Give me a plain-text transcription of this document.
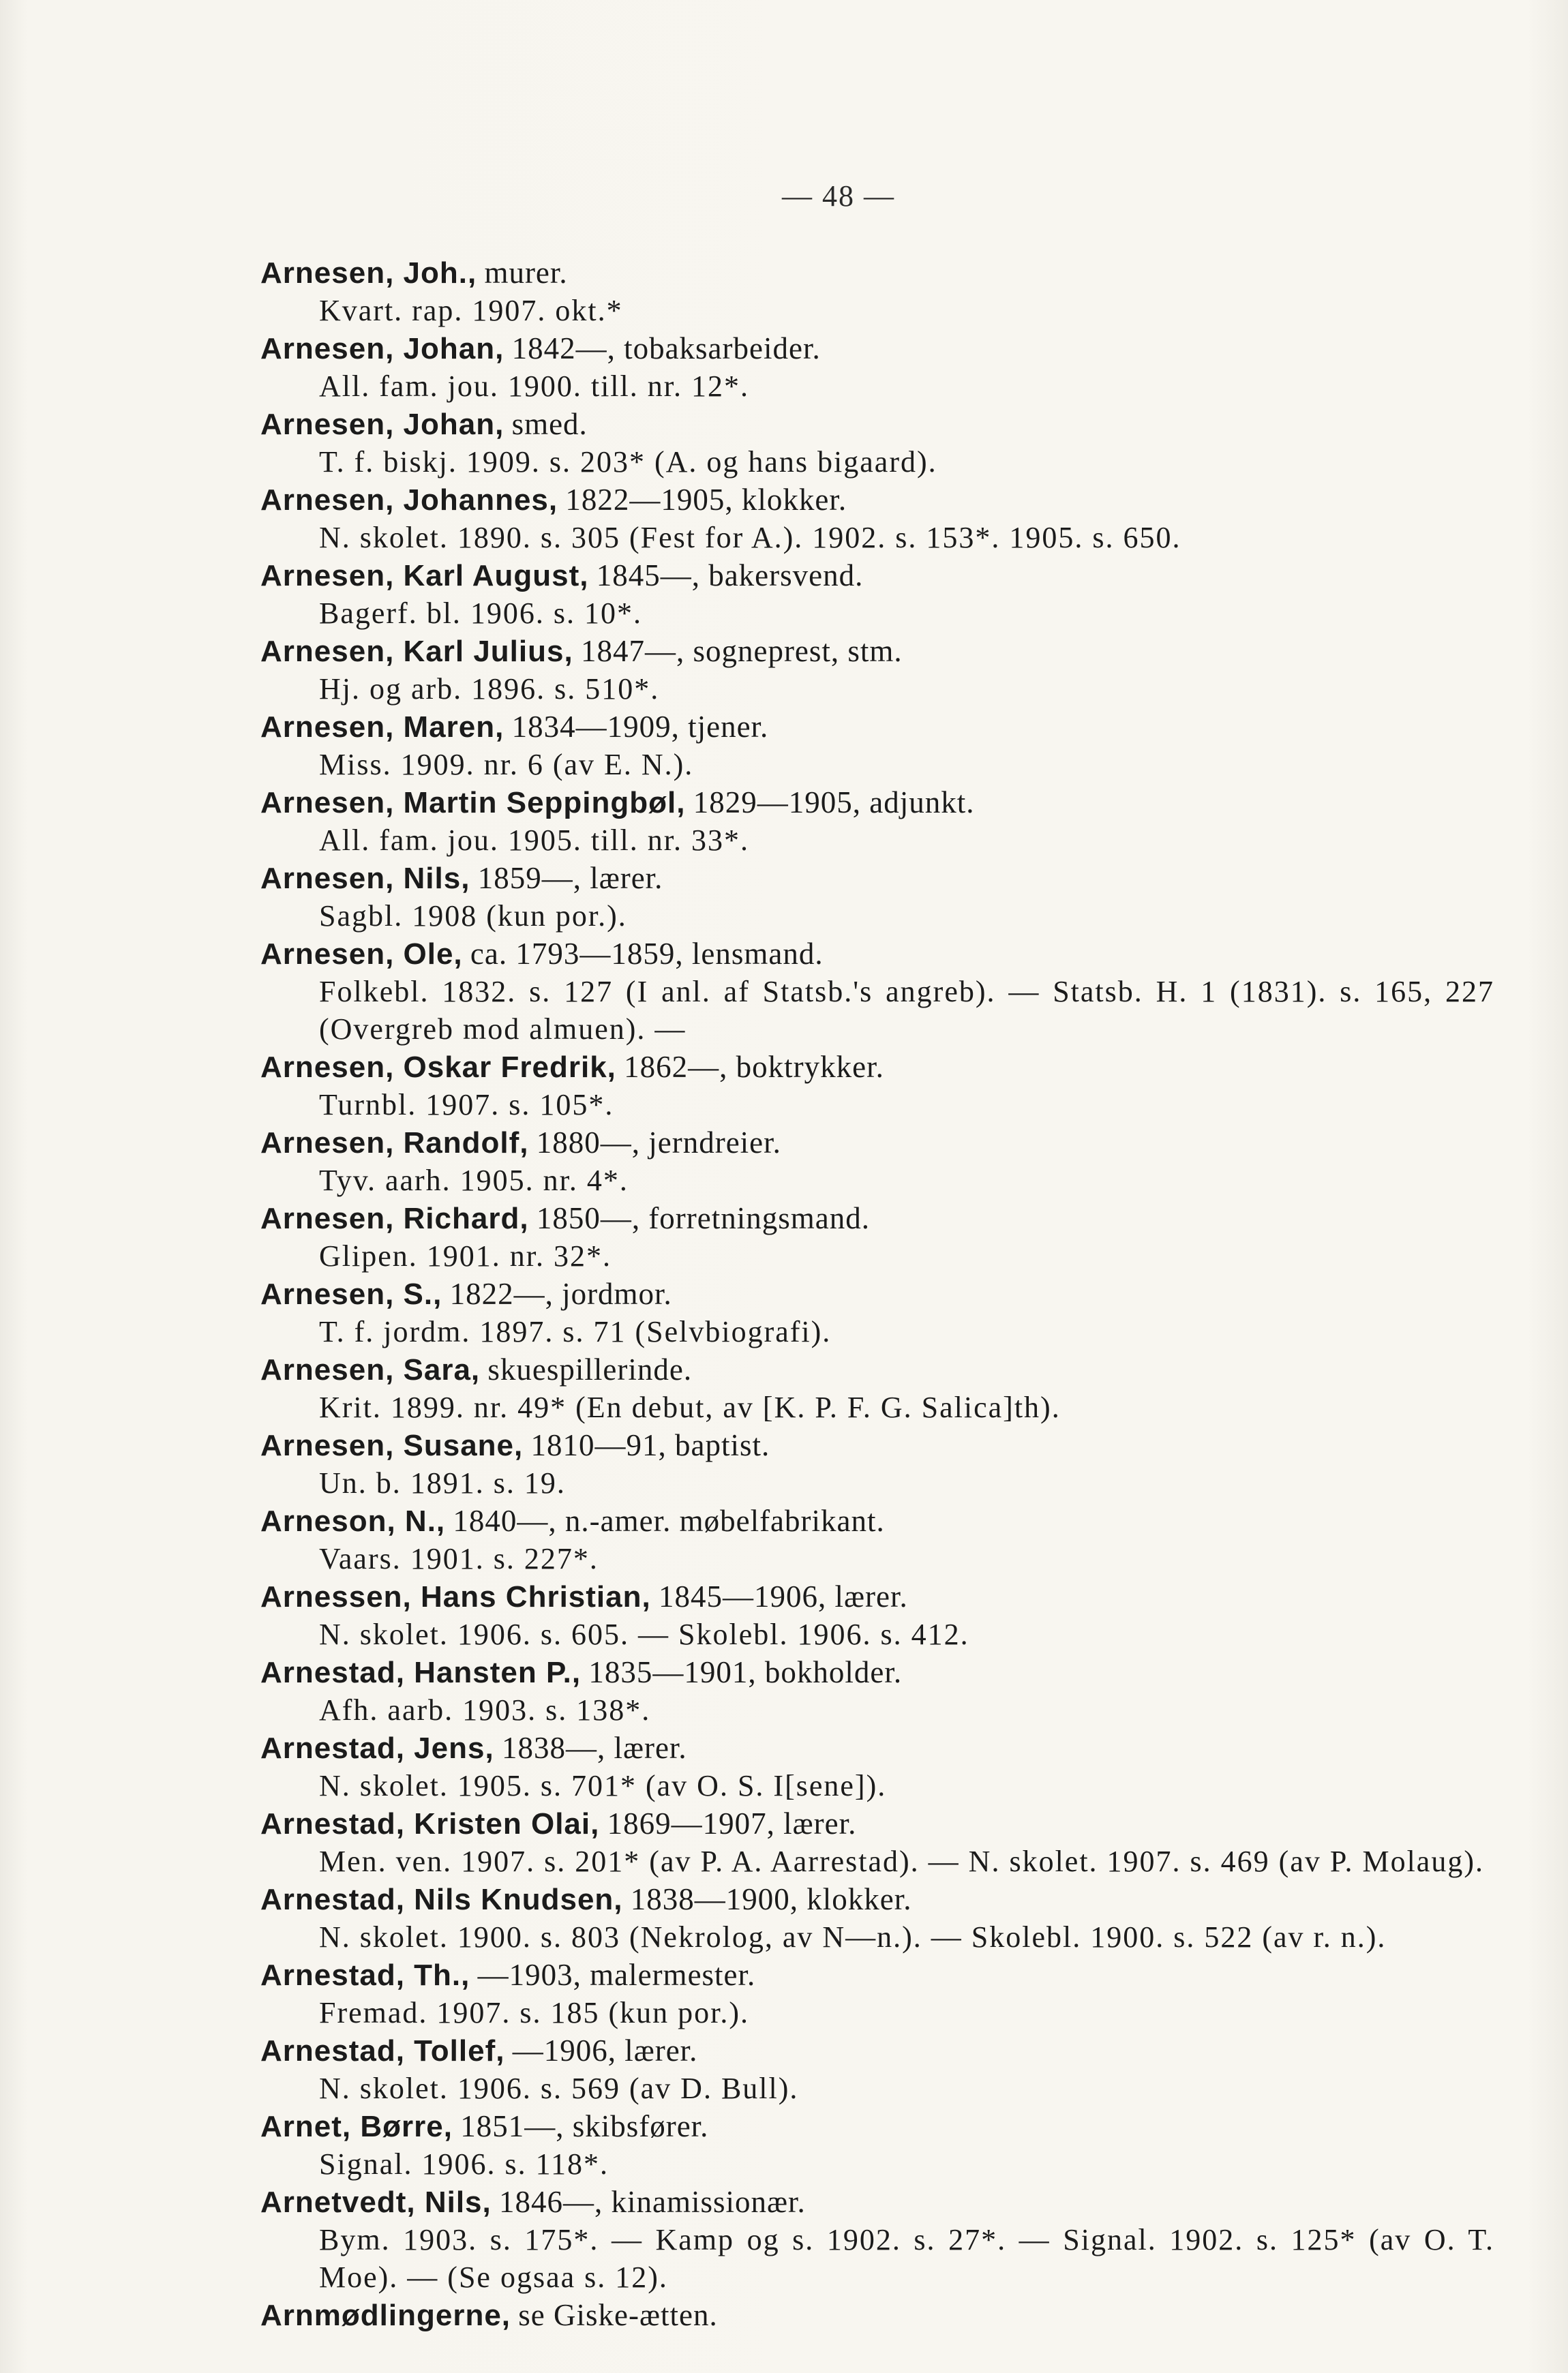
— 48 —
Arnesen, Joh., murer.
Kvart. rap. 1907. okt.*
Arnesen, Johan, 1842—, tobaksarbeider.
All. fam. jou. 1900. till. nr. 12*.
Arnesen, Johan, smed.
T. f. biskj. 1909. s. 203* (A. og hans bigaard).
Arnesen, Johannes, 1822—1905, klokker.
N. skolet. 1890. s. 305 (Fest for A.). 1902. s. 153*. 1905. s. 650.
Arnesen, Karl August, 1845—, bakersvend.
Bagerf. bl. 1906. s. 10*.
Arnesen, Karl Julius, 1847—, sogneprest, stm.
Hj. og arb. 1896. s. 510*.
Arnesen, Maren, 1834—1909, tjener.
Miss. 1909. nr. 6 (av E. N.).
Arnesen, Martin Seppingbøl, 1829—1905, adjunkt.
All. fam. jou. 1905. till. nr. 33*.
Arnesen, Nils, 1859—, lærer.
Sagbl. 1908 (kun por.).
Arnesen, Ole, ca. 1793—1859, lensmand.
Folkebl. 1832. s. 127 (I anl. af Statsb.'s angreb). — Statsb. H. 1 (1831). s. 165, 227 (Overgreb mod almuen). —
Arnesen, Oskar Fredrik, 1862—, boktrykker.
Turnbl. 1907. s. 105*.
Arnesen, Randolf, 1880—, jerndreier.
Tyv. aarh. 1905. nr. 4*.
Arnesen, Richard, 1850—, forretningsmand.
Glipen. 1901. nr. 32*.
Arnesen, S., 1822—, jordmor.
T. f. jordm. 1897. s. 71 (Selvbiografi).
Arnesen, Sara, skuespillerinde.
Krit. 1899. nr. 49* (En debut, av [K. P. F. G. Salica]th).
Arnesen, Susane, 1810—91, baptist.
Un. b. 1891. s. 19.
Arneson, N., 1840—, n.-amer. møbelfabrikant.
Vaars. 1901. s. 227*.
Arnessen, Hans Christian, 1845—1906, lærer.
N. skolet. 1906. s. 605. — Skolebl. 1906. s. 412.
Arnestad, Hansten P., 1835—1901, bokholder.
Afh. aarb. 1903. s. 138*.
Arnestad, Jens, 1838—, lærer.
N. skolet. 1905. s. 701* (av O. S. I[sene]).
Arnestad, Kristen Olai, 1869—1907, lærer.
Men. ven. 1907. s. 201* (av P. A. Aarrestad). — N. skolet. 1907. s. 469 (av P. Molaug).
Arnestad, Nils Knudsen, 1838—1900, klokker.
N. skolet. 1900. s. 803 (Nekrolog, av N—n.). — Skolebl. 1900. s. 522 (av r. n.).
Arnestad, Th., —1903, malermester.
Fremad. 1907. s. 185 (kun por.).
Arnestad, Tollef, —1906, lærer.
N. skolet. 1906. s. 569 (av D. Bull).
Arnet, Børre, 1851—, skibsfører.
Signal. 1906. s. 118*.
Arnetvedt, Nils, 1846—, kinamissionær.
Bym. 1903. s. 175*. — Kamp og s. 1902. s. 27*. — Signal. 1902. s. 125* (av O. T. Moe). — (Se ogsaa s. 12).
Arnmødlingerne, se Giske-ætten.
